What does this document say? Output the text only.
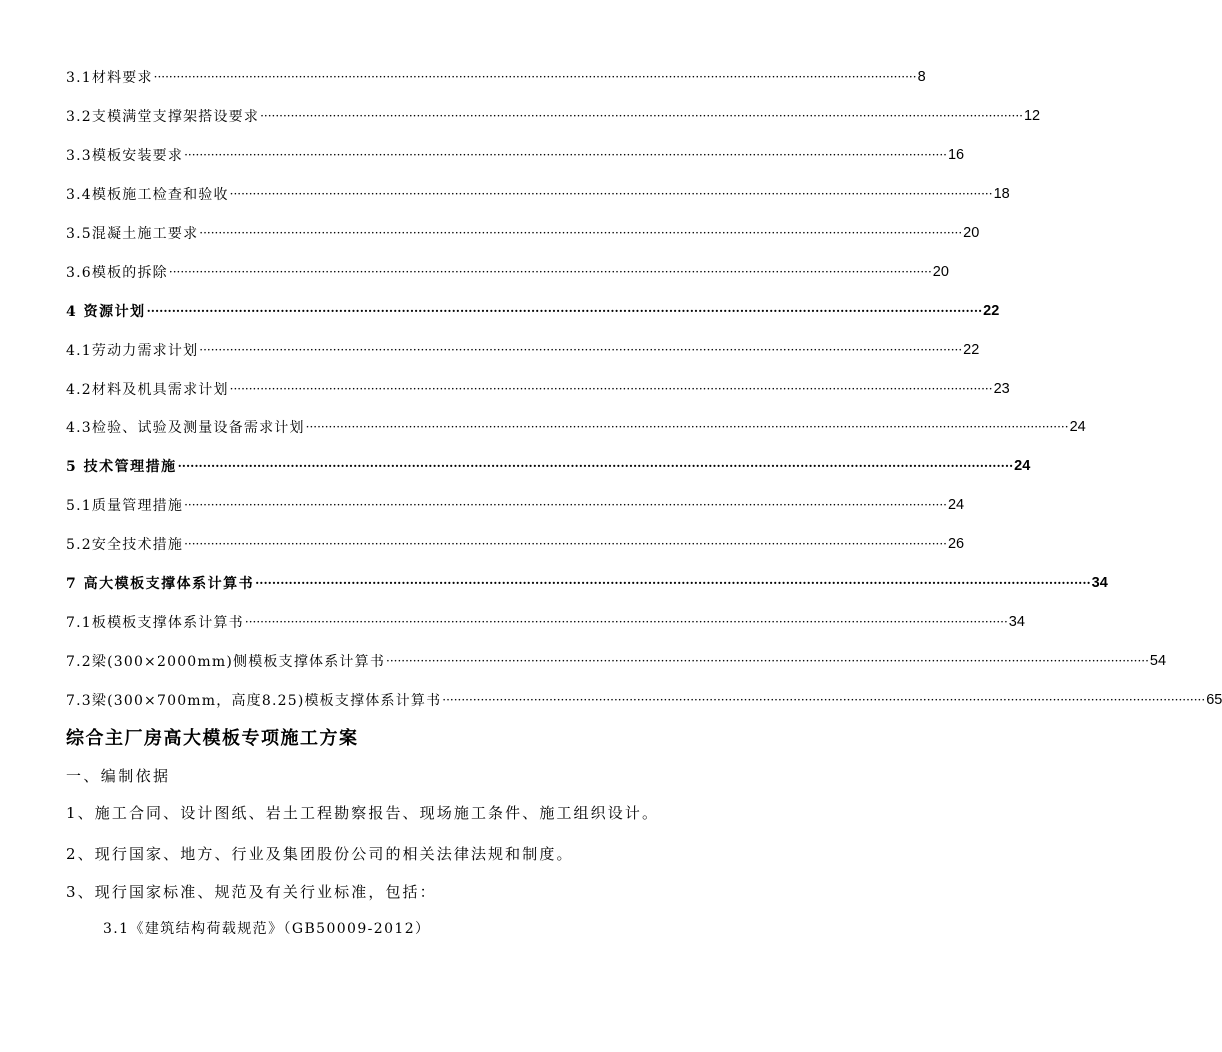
3.1材料要求 ········································································································································································································ 8
3.2支模满堂支撑架搭设要求 ········································································································································································································ 12
3.3模板安装要求 ········································································································································································································ 16
3.4模板施工检查和验收 ········································································································································································································ 18
3.5混凝土施工要求 ········································································································································································································ 20
3.6模板的拆除 ········································································································································································································ 20
4 资源计划 ········································································································································································································ 22
4.1劳动力需求计划 ········································································································································································································ 22
4.2材料及机具需求计划 ········································································································································································································ 23
4.3检验、试验及测量设备需求计划 ········································································································································································································ 24
5 技术管理措施 ········································································································································································································ 24
5.1质量管理措施 ········································································································································································································ 24
5.2安全技术措施 ········································································································································································································ 26
7 高大模板支撑体系计算书 ········································································································································································································ 34
7.1板模板支撑体系计算书 ········································································································································································································ 34
7.2梁(300×2000mm)侧模板支撑体系计算书 ········································································································································································································ 54
7.3梁(300×700mm，高度8.25)模板支撑体系计算书 ········································································································································································································ 65
综合主厂房高大模板专项施工方案
一、编制依据
1、施工合同、设计图纸、岩土工程勘察报告、现场施工条件、施工组织设计。
2、现行国家、地方、行业及集团股份公司的相关法律法规和制度。
3、现行国家标准、规范及有关行业标准，包括：
3.1《建筑结构荷载规范》（GB50009-2012）
